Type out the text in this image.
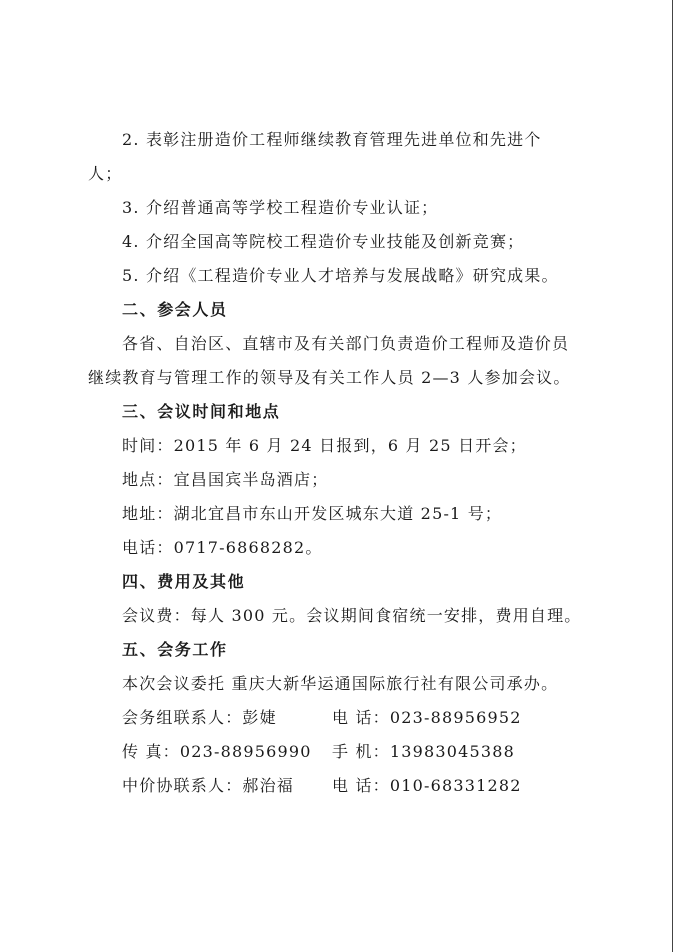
2. 表彰注册造价工程师继续教育管理先进单位和先进个
人；
3. 介绍普通高等学校工程造价专业认证；
4. 介绍全国高等院校工程造价专业技能及创新竞赛；
5. 介绍《工程造价专业人才培养与发展战略》研究成果。
二、参会人员
各省、自治区、直辖市及有关部门负责造价工程师及造价员
继续教育与管理工作的领导及有关工作人员 2—3 人参加会议。
三、会议时间和地点
时间：2015 年 6 月 24 日报到，6 月 25 日开会；
地点：宜昌国宾半岛酒店；
地址：湖北宜昌市东山开发区城东大道 25-1 号；
电话：0717-6868282。
四、费用及其他
会议费：每人 300 元。会议期间食宿统一安排，费用自理。
五、会务工作
本次会议委托 重庆大新华运通国际旅行社有限公司承办。
会务组联系人：彭婕	电 话：023-88956952
传 真：023-88956990 手 机：13983045388
中价协联系人：郝治福 电 话：010-68331282
